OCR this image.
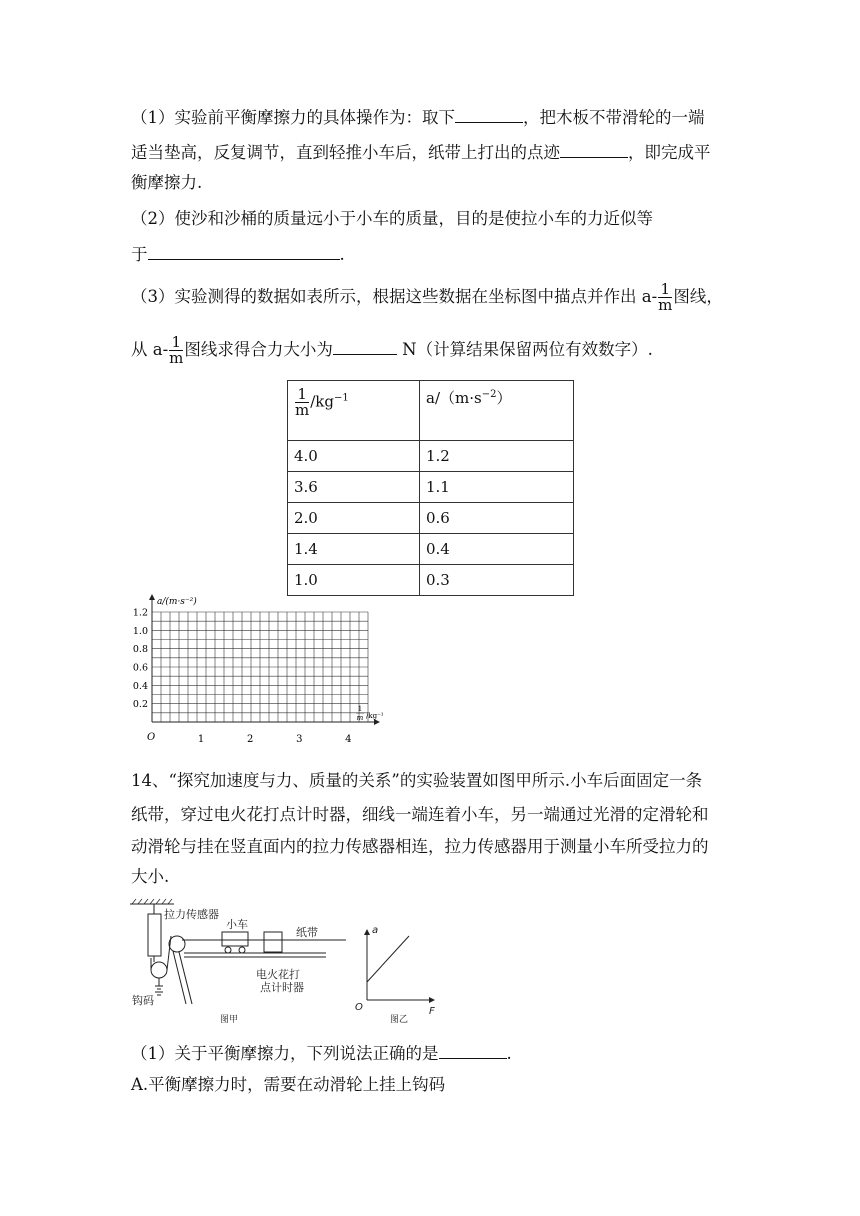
（1）实验前平衡摩擦力的具体操作为：取下	，把木板不带滑轮的一端
适当垫高，反复调节，直到轻推小车后，纸带上打出的点迹	，即完成平
衡摩擦力.
（2）使沙和沙桶的质量远小于小车的质量，目的是使拉小车的力近似等
于	.
（3）实验测得的数据如表所示，根据这些数据在坐标图中描点并作出 $a- \frac{1}{m}$ 图线，
从 $a- \frac{1}{m}$ 图线求得合力大小为	N（计算结果保留两位有效数字）.
$\frac{1}{m} /kg^{-1}$	$a/(m\cdot s^{-2})$
4.0	1.2
3.6	1.1
2.0	0.6
1.4	0.4
1.0	0.3
a/(m·s⁻²)
O
1
m /kg⁻¹
1	2	3	4
1.2
1.0
0.8
0.6
0.4
0.2
14、“探究加速度与力、质量的关系”的实验装置如图甲所示.小车后面固定一条
纸带，穿过电火花打点计时器，细线一端连着小车，另一端通过光滑的定滑轮和
动滑轮与挂在竖直面内的拉力传感器相连，拉力传感器用于测量小车所受拉力的
大小.
钩码
小车
纸带
拉力传感器
电火花打
点计时器
图甲
a
O	F
图乙
（1）关于平衡摩擦力，下列说法正确的是	.
A.平衡摩擦力时，需要在动滑轮上挂上钩码
